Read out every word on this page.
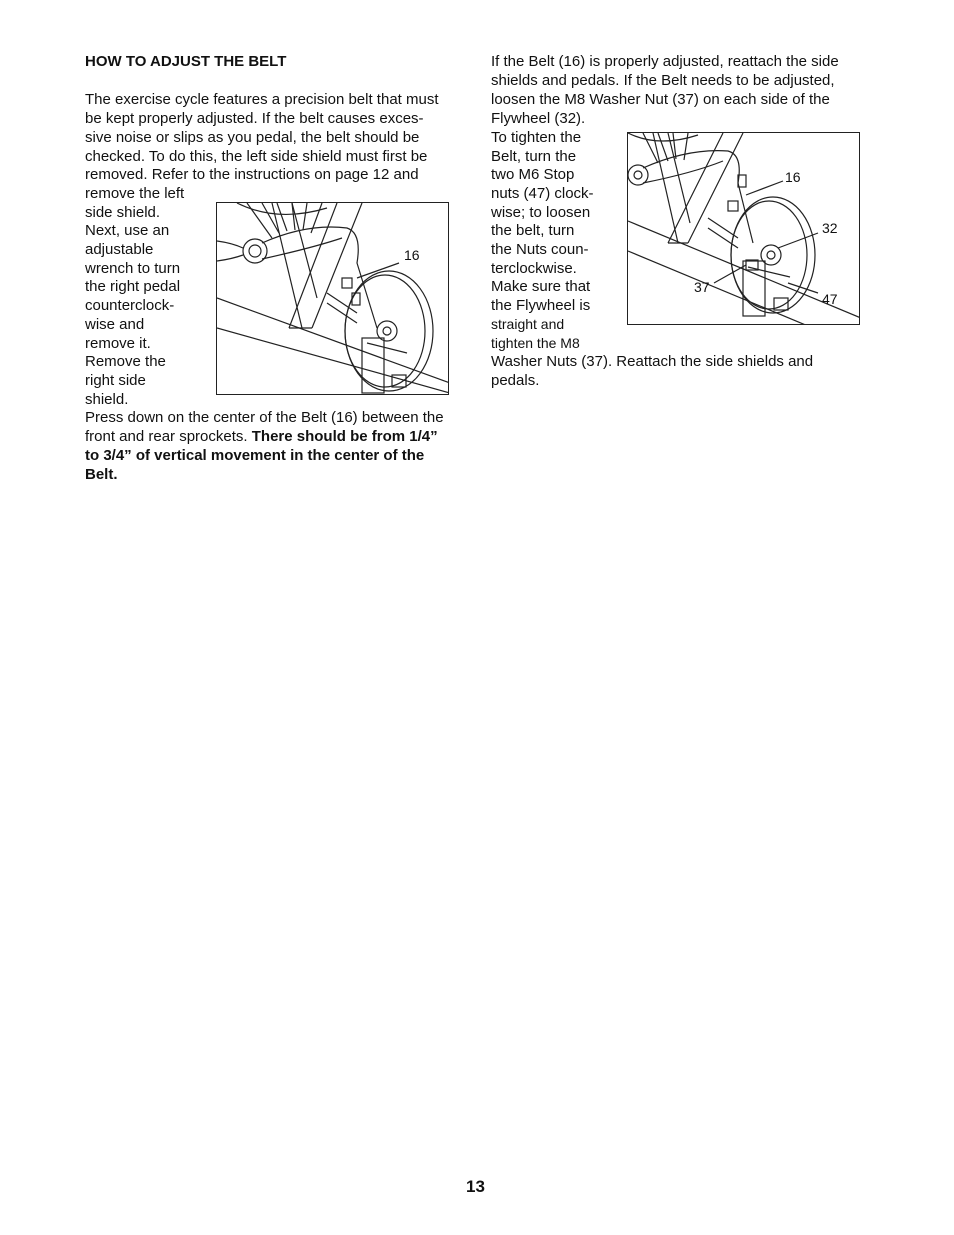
HOW TO ADJUST THE BELT
The exercise cycle features a precision belt that must
be kept properly adjusted. If the belt causes exces-
sive noise or slips as you pedal, the belt should be
checked. To do this, the left side shield must first be
removed. Refer to the instructions on page 12 and
remove the left
side shield.
Next, use an
adjustable
wrench to turn
the right pedal
counterclock-
wise and
remove it.
Remove the
right side
shield.
Press down on the center of the Belt (16) between the
front and rear sprockets. There should be from 1/4”
to 3/4” of vertical movement in the center of the
Belt.
16
If the Belt (16) is properly adjusted, reattach the side
shields and pedals. If the Belt needs to be adjusted,
loosen the M8 Washer Nut (37) on each side of the
Flywheel (32).
To tighten the
Belt, turn the
two M6 Stop
nuts (47) clock-
wise; to loosen
the belt, turn
the Nuts coun-
terclockwise.
Make sure that
the Flywheel is
straight and
tighten the M8
Washer Nuts (37). Reattach the side shields and
pedals.
16
32
37
47
13
